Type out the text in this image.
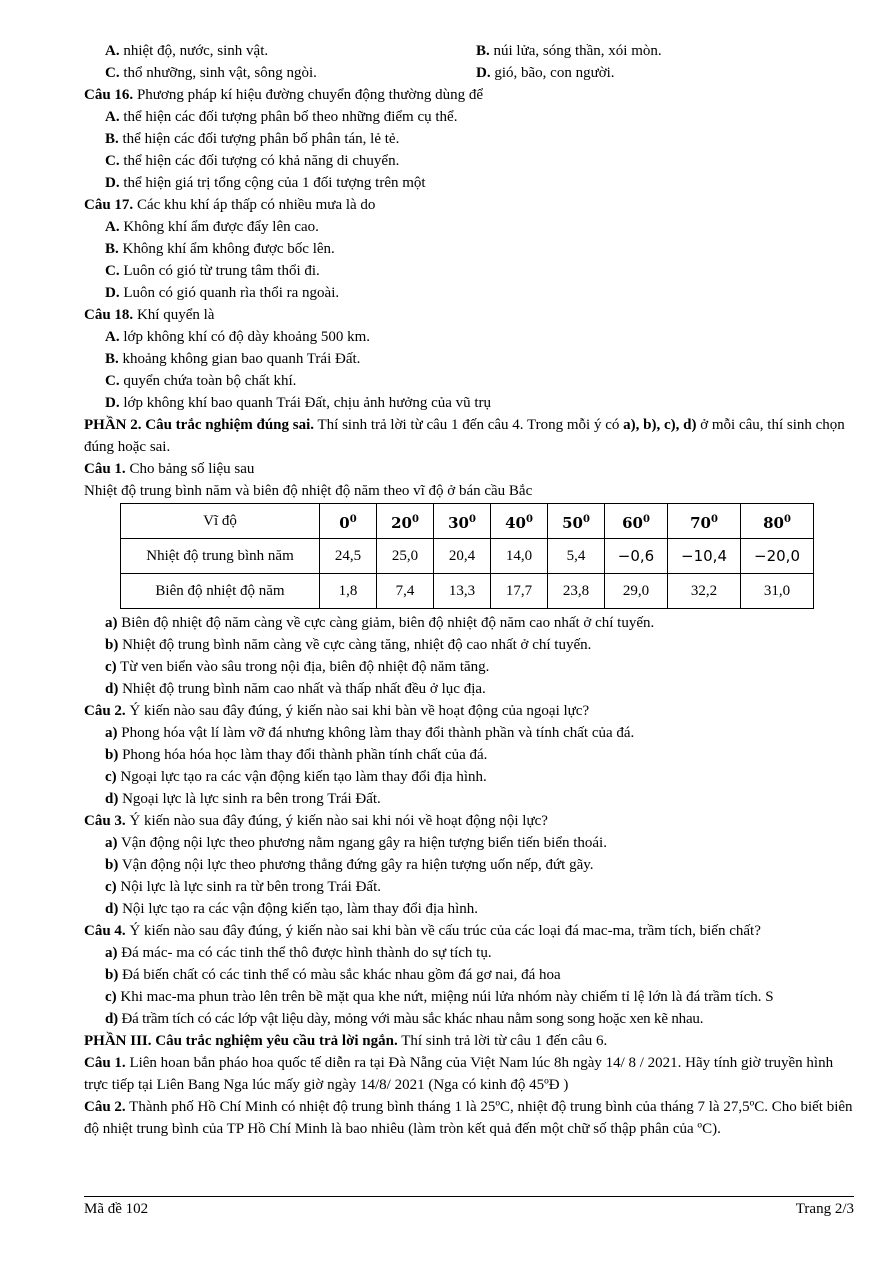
A. nhiệt độ, nước, sinh vật.	B. núi lửa, sóng thần, xói mòn.
C. thổ nhưỡng, sinh vật, sông ngòi.	D. gió, bão, con người.
Câu 16. Phương pháp kí hiệu đường chuyển động thường dùng để
A. thể hiện các đối tượng phân bố theo những điểm cụ thể.
B. thể hiện các đối tượng phân bố phân tán, lẻ tẻ.
C. thể hiện các đối tượng có khả năng di chuyển.
D. thể hiện giá trị tổng cộng của 1 đối tượng trên một
Câu 17. Các khu khí áp thấp có nhiều mưa là do
A. Không khí ẩm được đẩy lên cao.
B. Không khí ẩm không được bốc lên.
C. Luôn có gió từ trung tâm thổi đi.
D. Luôn có gió quanh rìa thổi ra ngoài.
Câu 18. Khí quyển là
A. lớp không khí có độ dày khoảng 500 km.
B. khoảng không gian bao quanh Trái Đất.
C. quyển chứa toàn bộ chất khí.
D. lớp không khí bao quanh Trái Đất, chịu ảnh hưởng của vũ trụ
PHẦN 2. Câu trắc nghiệm đúng sai. Thí sinh trả lời từ câu 1 đến câu 4. Trong mỗi ý có a), b), c), d) ở mỗi câu, thí sinh chọn đúng hoặc sai.
Câu 1. Cho bảng số liệu sau
Nhiệt độ trung bình năm và biên độ nhiệt độ năm theo vĩ độ ở bán cầu Bắc
Vĩ độ	$0^0$	$20^0$	$30^0$	$40^0$	$50^0$	$60^0$	$70^0$	$80^0$
Nhiệt độ trung bình năm	24,5	25,0	20,4	14,0	5,4	−0,6	−10,4	−20,0
Biên độ nhiệt độ năm	1,8	7,4	13,3	17,7	23,8	29,0	32,2	31,0
a) Biên độ nhiệt độ năm càng về cực càng giảm, biên độ nhiệt độ năm cao nhất ở chí tuyến.
b) Nhiệt độ trung bình năm càng về cực càng tăng, nhiệt độ cao nhất ở chí tuyến.
c) Từ ven biển vào sâu trong nội địa, biên độ nhiệt độ năm tăng.
d) Nhiệt độ trung bình năm cao nhất và thấp nhất đều ở lục địa.
Câu 2. Ý kiến nào sau đây đúng, ý kiến nào sai khi bàn về hoạt động của ngoại lực?
a) Phong hóa vật lí làm vỡ đá nhưng không làm thay đổi thành phần và tính chất của đá.
b) Phong hóa hóa học làm thay đổi thành phần tính chất của đá.
c) Ngoại lực tạo ra các vận động kiến tạo làm thay đổi địa hình.
d) Ngoại lực là lực sinh ra bên trong Trái Đất.
Câu 3. Ý kiến nào sua đây đúng, ý kiến nào sai khi nói về hoạt động nội lực?
a) Vận động nội lực theo phương nằm ngang gây ra hiện tượng biển tiến biển thoái.
b) Vận động nội lực theo phương thẳng đứng gây ra hiện tượng uốn nếp, đứt gãy.
c) Nội lực là lực sinh ra từ bên trong Trái Đất.
d) Nội lực tạo ra các vận động kiến tạo, làm thay đổi địa hình.
Câu 4. Ý kiến nào sau đây đúng, ý kiến nào sai khi bàn về cấu trúc của các loại đá mac-ma, trầm tích, biến chất?
a) Đá mác- ma có các tinh thể thô được hình thành do sự tích tụ.
b) Đá biến chất có các tinh thể có màu sắc khác nhau gồm đá gơ nai, đá hoa
c) Khi mac-ma phun trào lên trên bề mặt qua khe nứt, miệng núi lửa nhóm này chiếm tỉ lệ lớn là đá trầm tích. S
d) Đá trầm tích có các lớp vật liệu dày, mỏng với màu sắc khác nhau nằm song song hoặc xen kẽ nhau.
PHẦN III. Câu trắc nghiệm yêu cầu trả lời ngắn. Thí sinh trả lời từ câu 1 đến câu 6.
Câu 1. Liên hoan bắn pháo hoa quốc tế diễn ra tại Đà Nẵng của Việt Nam lúc 8h ngày 14/ 8 / 2021. Hãy tính giờ truyền hình trực tiếp tại Liên Bang Nga lúc mấy giờ ngày 14/8/ 2021 (Nga có kinh độ 45ºĐ )
Câu 2. Thành phố Hồ Chí Minh có nhiệt độ trung bình tháng 1 là 25ºC, nhiệt độ trung bình của tháng 7 là 27,5ºC. Cho biết biên độ nhiệt trung bình của TP Hồ Chí Minh là bao nhiêu (làm tròn kết quả đến một chữ số thập phân của ºC).
Mã đề 102	Trang 2/3
